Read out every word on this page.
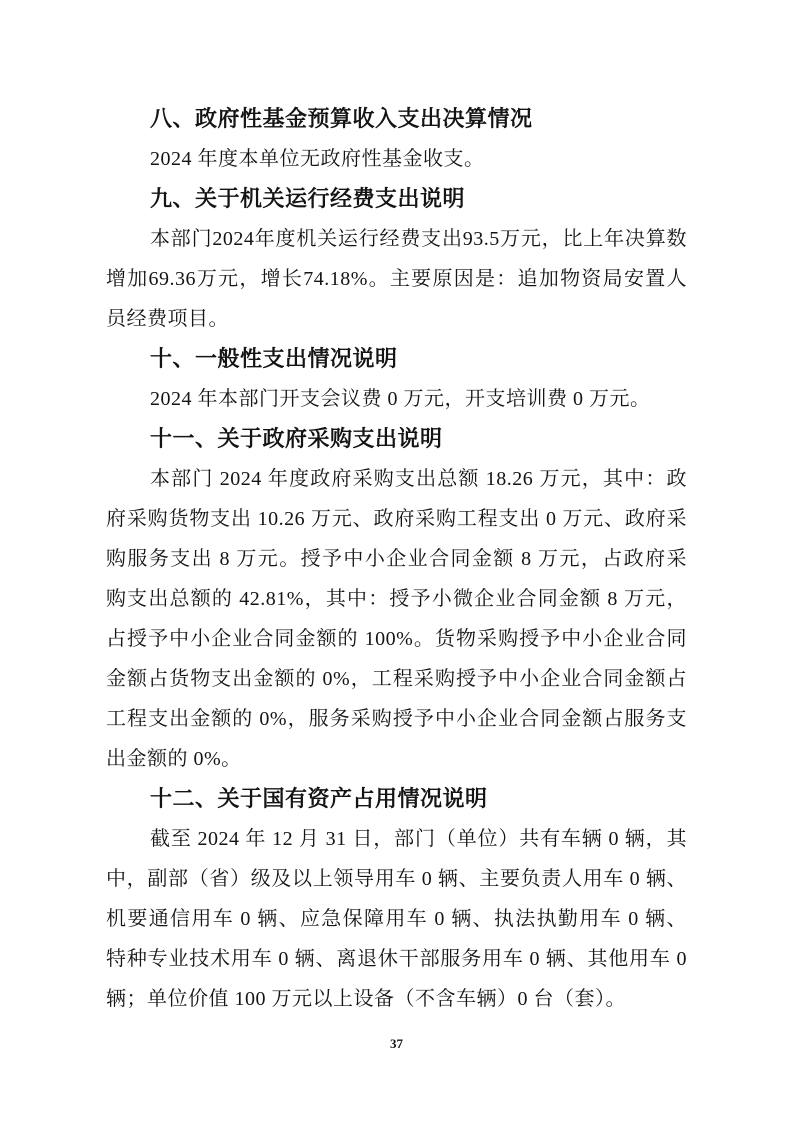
八、政府性基金预算收入支出决算情况
2024 年度本单位无政府性基金收支。
九、关于机关运行经费支出说明
本部门2024年度机关运行经费支出93.5万元，比上年决算数
增加69.36万元，增长74.18%。主要原因是：追加物资局安置人
员经费项目。
十、一般性支出情况说明
2024 年本部门开支会议费 0 万元，开支培训费 0 万元。
十一、关于政府采购支出说明
本部门 2024 年度政府采购支出总额 18.26 万元，其中：政
府采购货物支出 10.26 万元、政府采购工程支出 0 万元、政府采
购服务支出 8 万元。授予中小企业合同金额 8 万元，占政府采
购支出总额的 42.81%，其中：授予小微企业合同金额 8 万元，
占授予中小企业合同金额的 100%。货物采购授予中小企业合同
金额占货物支出金额的 0%，工程采购授予中小企业合同金额占
工程支出金额的 0%，服务采购授予中小企业合同金额占服务支
出金额的 0%。
十二、关于国有资产占用情况说明
截至 2024 年 12 月 31 日，部门（单位）共有车辆 0 辆，其
中，副部（省）级及以上领导用车 0 辆、主要负责人用车 0 辆、
机要通信用车 0 辆、应急保障用车 0 辆、执法执勤用车 0 辆、
特种专业技术用车 0 辆、离退休干部服务用车 0 辆、其他用车 0
辆；单位价值 100 万元以上设备（不含车辆）0 台（套）。
37
